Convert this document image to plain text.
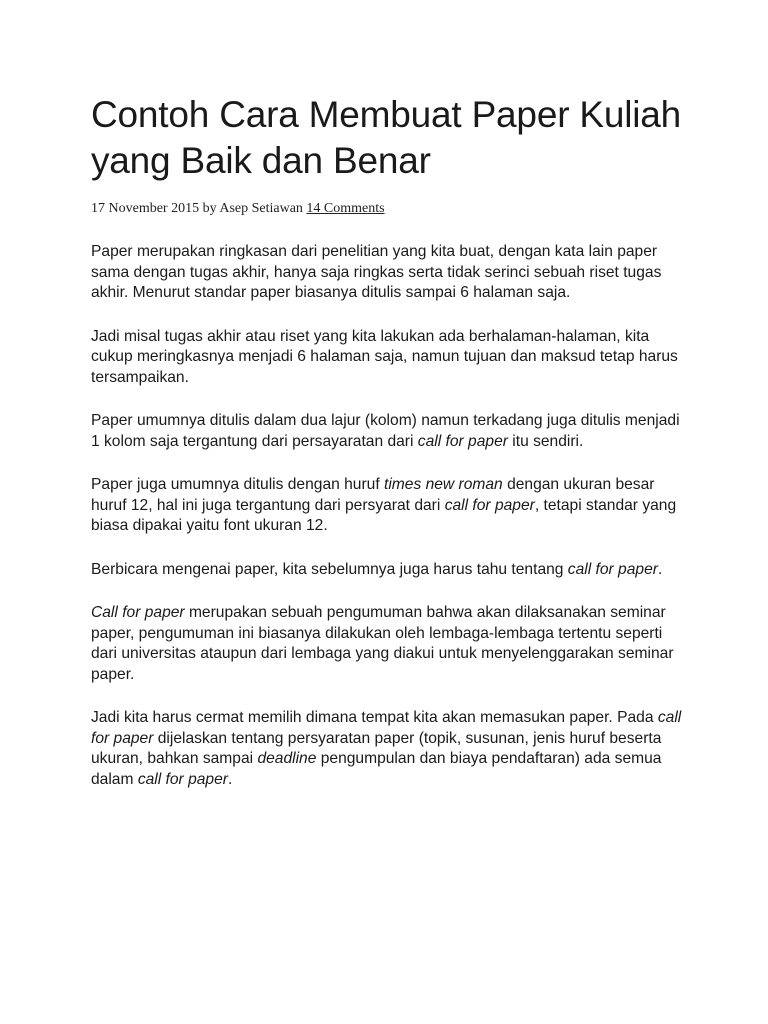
Contoh Cara Membuat Paper Kuliah yang Baik dan Benar
17 November 2015 by Asep Setiawan 14 Comments

Paper merupakan ringkasan dari penelitian yang kita buat, dengan kata lain paper sama dengan tugas akhir, hanya saja ringkas serta tidak serinci sebuah riset tugas akhir. Menurut standar paper biasanya ditulis sampai 6 halaman saja.

Jadi misal tugas akhir atau riset yang kita lakukan ada berhalaman-halaman, kita cukup meringkasnya menjadi 6 halaman saja, namun tujuan dan maksud tetap harus tersampaikan.

Paper umumnya ditulis dalam dua lajur (kolom) namun terkadang juga ditulis menjadi 1 kolom saja tergantung dari persayaratan dari call for paper itu sendiri.

Paper juga umumnya ditulis dengan huruf times new roman dengan ukuran besar huruf 12, hal ini juga tergantung dari persyarat dari call for paper, tetapi standar yang biasa dipakai yaitu font ukuran 12.

Berbicara mengenai paper, kita sebelumnya juga harus tahu tentang call for paper.

Call for paper merupakan sebuah pengumuman bahwa akan dilaksanakan seminar paper, pengumuman ini biasanya dilakukan oleh lembaga-lembaga tertentu seperti dari universitas ataupun dari lembaga yang diakui untuk menyelenggarakan seminar paper.

Jadi kita harus cermat memilih dimana tempat kita akan memasukan paper. Pada call for paper dijelaskan tentang persyaratan paper (topik, susunan, jenis huruf beserta ukuran, bahkan sampai deadline pengumpulan dan biaya pendaftaran) ada semua dalam call for paper.
